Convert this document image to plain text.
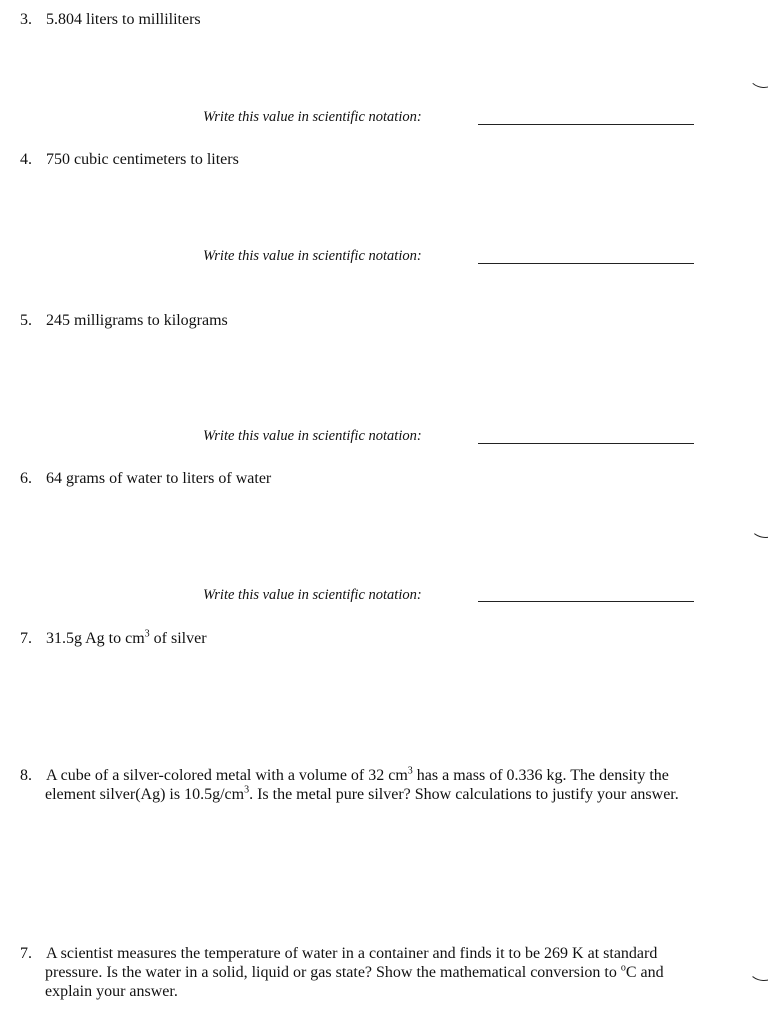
3. 5.804 liters to milliliters
Write this value in scientific notation:
4. 750 cubic centimeters to liters
Write this value in scientific notation:
5. 245 milligrams to kilograms
Write this value in scientific notation:
6. 64 grams of water to liters of water
Write this value in scientific notation:
7. 31.5g Ag to $cm^3$ of silver
8. A cube of a silver-colored metal with a volume of 32 $cm^3$ has a mass of 0.336 kg. The density the
element silver(Ag) is $10.5g/cm^3$. Is the metal pure silver? Show calculations to justify your answer.
7. A scientist measures the temperature of water in a container and finds it to be 269 K at standard
pressure. Is the water in a solid, liquid or gas state? Show the mathematical conversion to $^o$C and
explain your answer.
